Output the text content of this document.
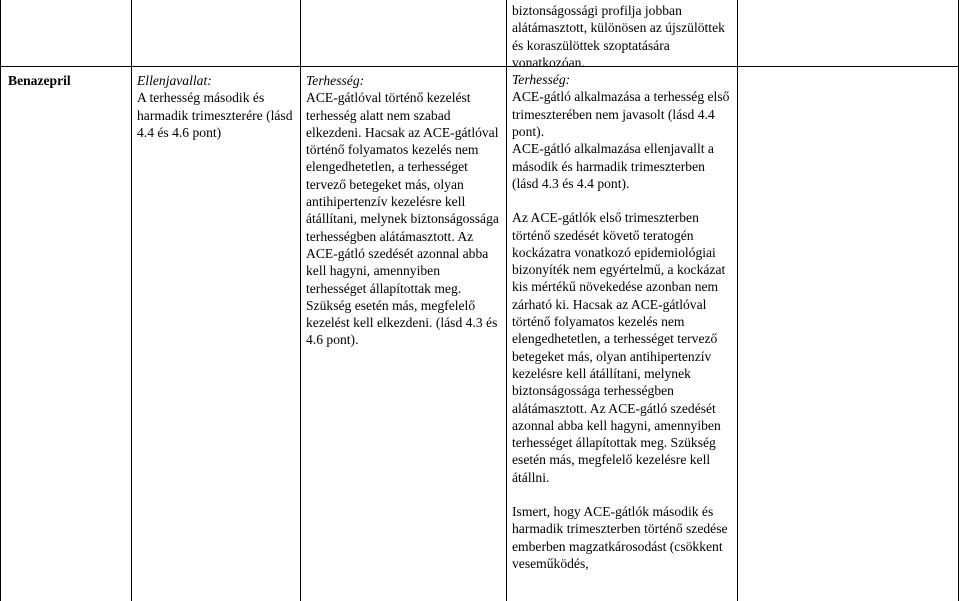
Benazepril	Ellenjavallat:

A terhesség második és harmadik trimeszterére (lásd 4.4 és 4.6 pont)

Terhesség:

ACE-gátlóval történő kezelést terhesség alatt nem szabad elkezdeni. Hacsak az ACE-gátlóval történő folyamatos kezelés nem elengedhetetlen, a terhességet tervező betegeket más, olyan antihipertenzív kezelésre kell átállítani, melynek biztonságossága terhességben alátámasztott. Az ACE-gátló szedését azonnal abba kell hagyni, amennyiben terhességet állapítottak meg. Szükség esetén más, megfelelő kezelést kell elkezdeni. (lásd 4.3 és 4.6 pont).

biztonságossági profilja jobban alátámasztott, különösen az újszülöttek és koraszülöttek szoptatására vonatkozóan.

Terhesség:

ACE-gátló alkalmazása a terhesség első trimeszterében nem javasolt (lásd 4.4 pont).

ACE-gátló alkalmazása ellenjavallt a második és harmadik trimeszterben (lásd 4.3 és 4.4 pont).

Az ACE-gátlók első trimeszterben történő szedését követő teratogén kockázatra vonatkozó epidemiológiai bizonyíték nem egyértelmű, a kockázat kis mértékű növekedése azonban nem zárható ki. Hacsak az ACE-gátlóval történő folyamatos kezelés nem elengedhetetlen, a terhességet tervező betegeket más, olyan antihipertenzív kezelésre kell átállítani, melynek biztonságossága terhességben alátámasztott. Az ACE-gátló szedését azonnal abba kell hagyni, amennyiben terhességet állapítottak meg. Szükség esetén más, megfelelő kezelésre kell átállni.

Ismert, hogy ACE-gátlók második és harmadik trimeszterben történő szedése emberben magzatkárosodást (csökkent veseműködés,
